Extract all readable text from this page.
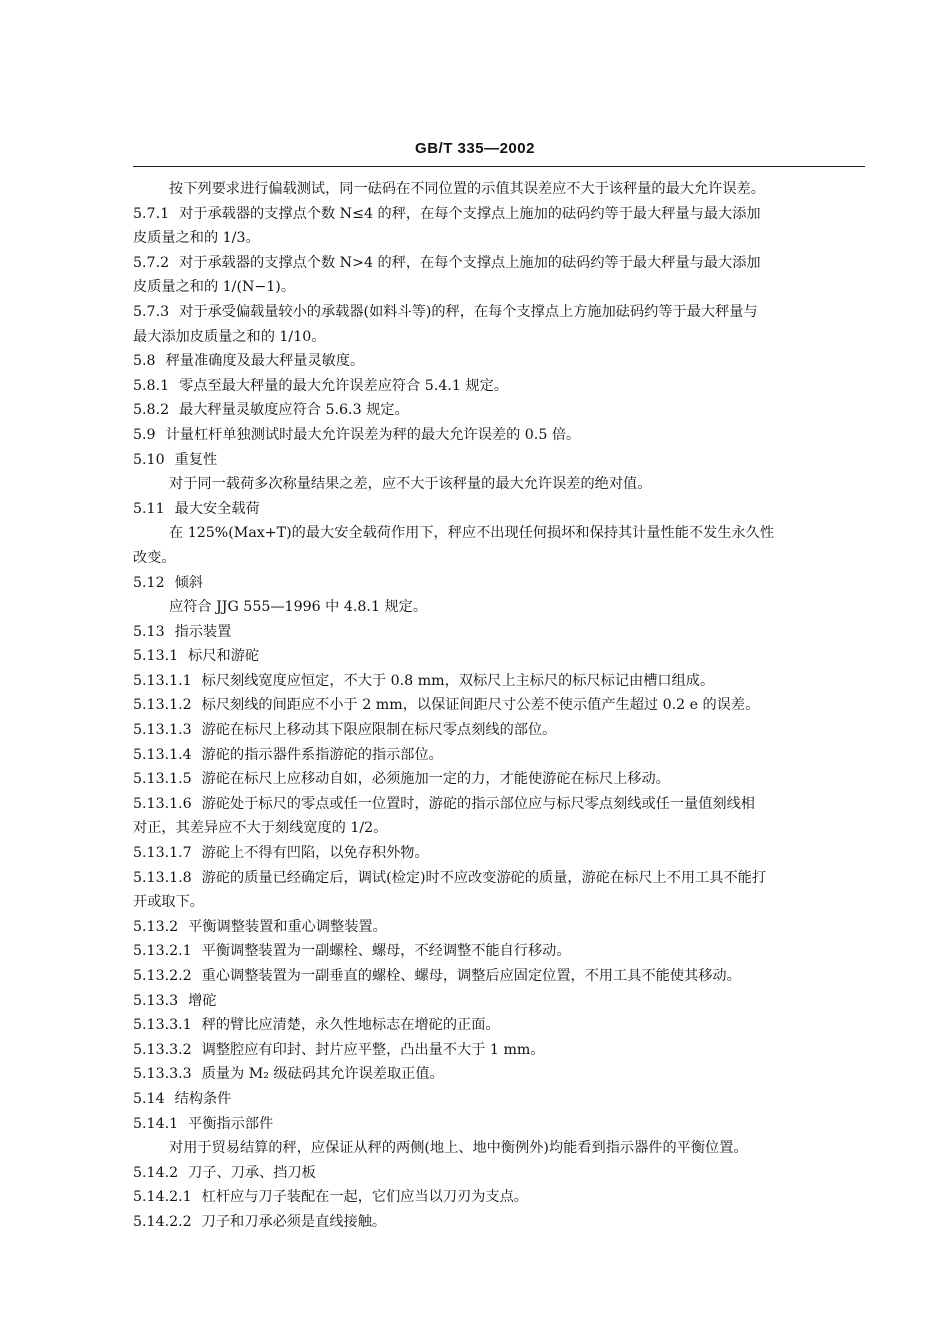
GB/T 335—2002
按下列要求进行偏载测试，同一砝码在不同位置的示值其误差应不大于该秤量的最大允许误差。
5.7.1 对于承载器的支撑点个数 N≤4 的秤，在每个支撑点上施加的砝码约等于最大秤量与最大添加
皮质量之和的 1/3。
5.7.2 对于承载器的支撑点个数 N>4 的秤，在每个支撑点上施加的砝码约等于最大秤量与最大添加
皮质量之和的 1/(N−1)。
5.7.3 对于承受偏载量较小的承载器(如料斗等)的秤，在每个支撑点上方施加砝码约等于最大秤量与
最大添加皮质量之和的 1/10。
5.8 秤量准确度及最大秤量灵敏度。
5.8.1 零点至最大秤量的最大允许误差应符合 5.4.1 规定。
5.8.2 最大秤量灵敏度应符合 5.6.3 规定。
5.9 计量杠杆单独测试时最大允许误差为秤的最大允许误差的 0.5 倍。
5.10 重复性
对于同一载荷多次称量结果之差，应不大于该秤量的最大允许误差的绝对值。
5.11 最大安全载荷
在 125%(Max+T)的最大安全载荷作用下，秤应不出现任何损坏和保持其计量性能不发生永久性
改变。
5.12 倾斜
应符合 JJG 555—1996 中 4.8.1 规定。
5.13 指示装置
5.13.1 标尺和游砣
5.13.1.1 标尺刻线宽度应恒定，不大于 0.8 mm，双标尺上主标尺的标尺标记由槽口组成。
5.13.1.2 标尺刻线的间距应不小于 2 mm，以保证间距尺寸公差不使示值产生超过 0.2 e 的误差。
5.13.1.3 游砣在标尺上移动其下限应限制在标尺零点刻线的部位。
5.13.1.4 游砣的指示器件系指游砣的指示部位。
5.13.1.5 游砣在标尺上应移动自如，必须施加一定的力，才能使游砣在标尺上移动。
5.13.1.6 游砣处于标尺的零点或任一位置时，游砣的指示部位应与标尺零点刻线或任一量值刻线相
对正，其差异应不大于刻线宽度的 1/2。
5.13.1.7 游砣上不得有凹陷，以免存积外物。
5.13.1.8 游砣的质量已经确定后，调试(检定)时不应改变游砣的质量，游砣在标尺上不用工具不能打
开或取下。
5.13.2 平衡调整装置和重心调整装置。
5.13.2.1 平衡调整装置为一副螺栓、螺母，不经调整不能自行移动。
5.13.2.2 重心调整装置为一副垂直的螺栓、螺母，调整后应固定位置，不用工具不能使其移动。
5.13.3 增砣
5.13.3.1 秤的臂比应清楚，永久性地标志在增砣的正面。
5.13.3.2 调整腔应有印封、封片应平整，凸出量不大于 1 mm。
5.13.3.3 质量为 M₂ 级砝码其允许误差取正值。
5.14 结构条件
5.14.1 平衡指示部件
对用于贸易结算的秤，应保证从秤的两侧(地上、地中衡例外)均能看到指示器件的平衡位置。
5.14.2 刀子、刀承、挡刀板
5.14.2.1 杠杆应与刀子装配在一起，它们应当以刀刃为支点。
5.14.2.2 刀子和刀承必须是直线接触。
